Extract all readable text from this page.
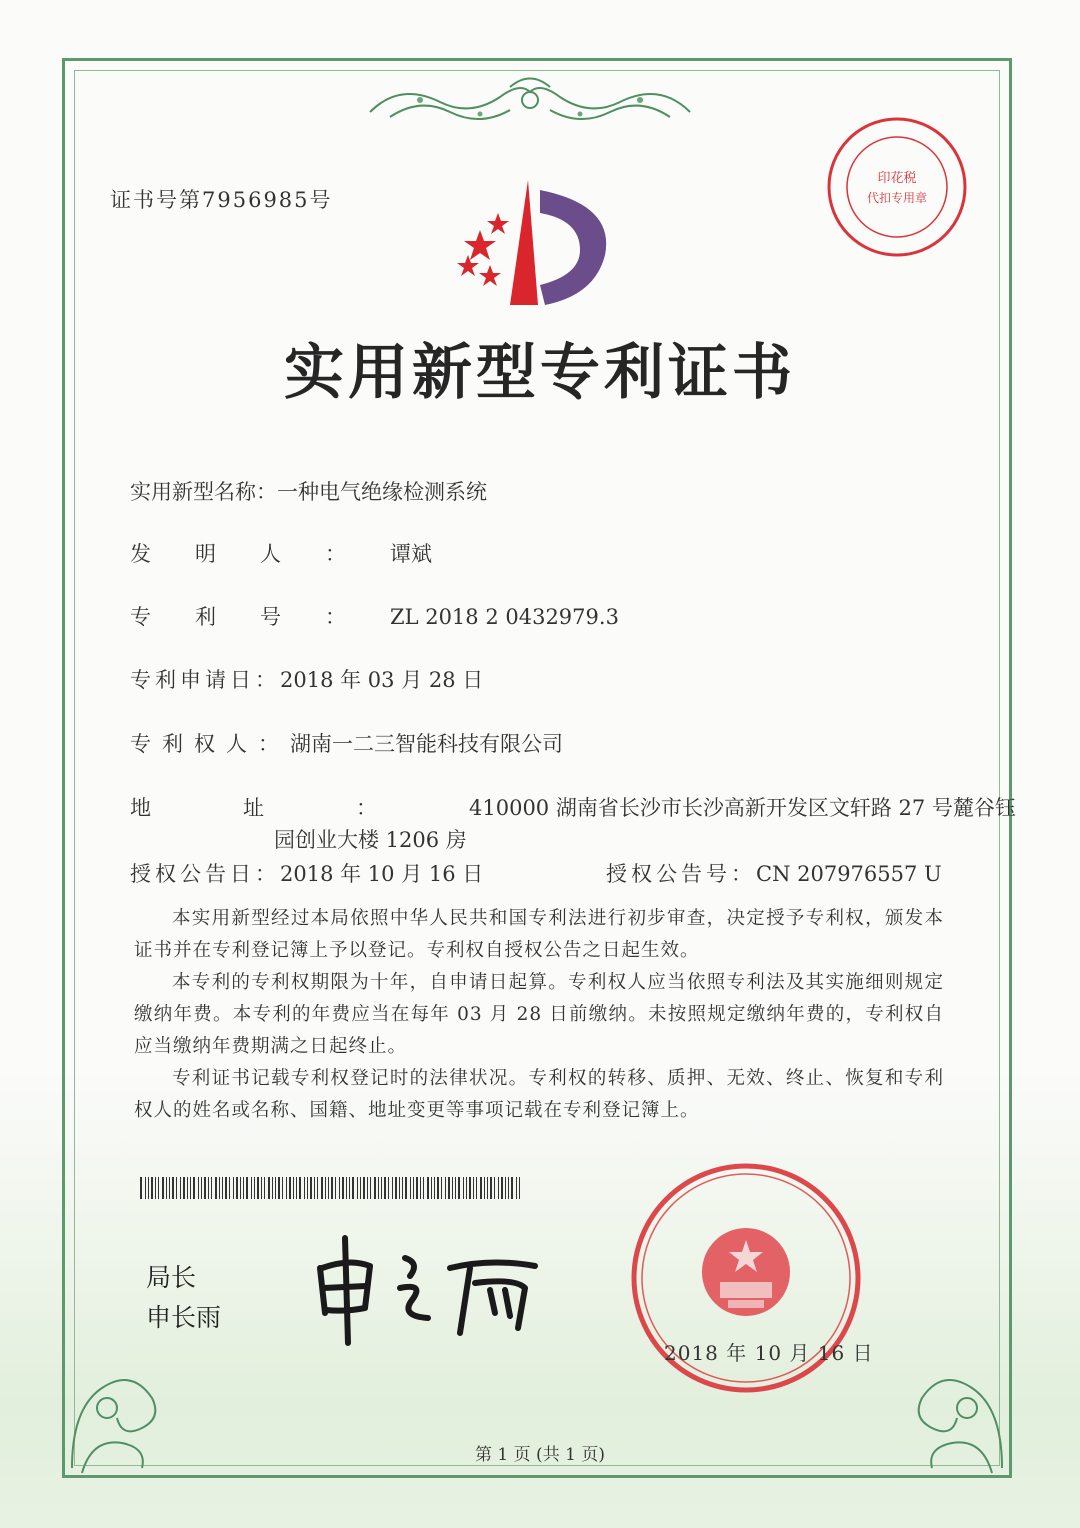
证书号第7956985号
印花税
代扣专用章
实用新型专利证书
实用新型名称：一种电气绝缘检测系统
发明人：谭斌
专利号：ZL 2018 2 0432979.3
专利申请日：2018 年 03 月 28 日
专利权人：湖南一二三智能科技有限公司
地址：410000 湖南省长沙市长沙高新开发区文轩路 27 号麓谷钰
园创业大楼 1206 房
授权公告日：2018 年 10 月 16 日	授权公告号：CN 207976557 U

本实用新型经过本局依照中华人民共和国专利法进行初步审查，决定授予专利权，颁发本证书并在专利登记簿上予以登记。专利权自授权公告之日起生效。

本专利的专利权期限为十年，自申请日起算。专利权人应当依照专利法及其实施细则规定缴纳年费。本专利的年费应当在每年 03 月 28 日前缴纳。未按照规定缴纳年费的，专利权自应当缴纳年费期满之日起终止。

专利证书记载专利权登记时的法律状况。专利权的转移、质押、无效、终止、恢复和专利权人的姓名或名称、国籍、地址变更等事项记载在专利登记簿上。

局长
申长雨
2018 年 10 月 16 日
第 1 页 (共 1 页)
